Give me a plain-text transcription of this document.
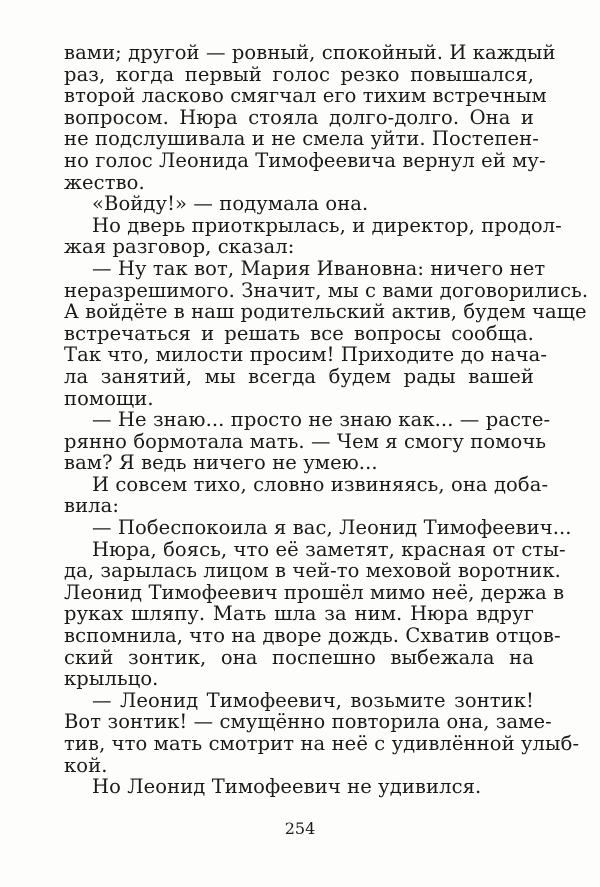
вами; другой — ровный, спокойный. И каждый
раз, когда первый голос резко повышался,
второй ласково смягчал его тихим встречным
вопросом. Нюра стояла долго-долго. Она и
не подслушивала и не смела уйти. Постепен-
но голос Леонида Тимофеевича вернул ей му-
жество.
«Войду!» — подумала она.
Но дверь приоткрылась, и директор, продол-
жая разговор, сказал:
— Ну так вот, Мария Ивановна: ничего нет
неразрешимого. Значит, мы с вами договорились.
А войдёте в наш родительский актив, будем чаще
встречаться и решать все вопросы сообща.
Так что, милости просим! Приходите до нача-
ла занятий, мы всегда будем рады вашей
помощи.
— Не знаю... просто не знаю как... — расте-
рянно бормотала мать. — Чем я смогу помочь
вам? Я ведь ничего не умею...
И совсем тихо, словно извиняясь, она доба-
вила:
— Побеспокоила я вас, Леонид Тимофеевич...
Нюра, боясь, что её заметят, красная от сты-
да, зарылась лицом в чей-то меховой воротник.
Леонид Тимофеевич прошёл мимо неё, держа в
руках шляпу. Мать шла за ним. Нюра вдруг
вспомнила, что на дворе дождь. Схватив отцов-
ский зонтик, она поспешно выбежала на
крыльцо.
— Леонид Тимофеевич, возьмите зонтик!
Вот зонтик! — смущённо повторила она, заме-
тив, что мать смотрит на неё с удивлённой улыб-
кой.
Но Леонид Тимофеевич не удивился.
254
